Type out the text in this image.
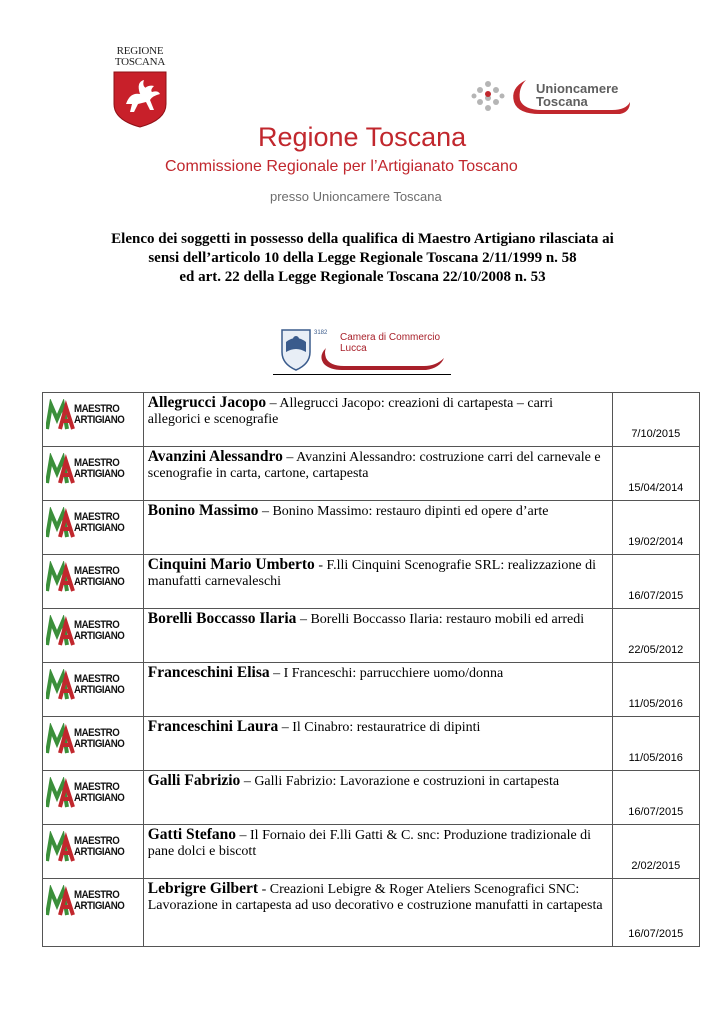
REGIONE
TOSCANA
Unioncamere
Toscana
Regione Toscana
Commissione Regionale per l’Artigianato Toscano
presso Unioncamere Toscana
Elenco dei soggetti in possesso della qualifica di Maestro Artigiano rilasciata ai
sensi dell’articolo 10 della Legge Regionale Toscana 2/11/1999 n. 58
ed art. 22 della Legge Regionale Toscana 22/10/2008 n. 53
3182 Camera di Commercio
Lucca
MAESTRO
ARTIGIANO	Allegrucci Jacopo – Allegrucci Jacopo: creazioni di cartapesta – carri allegorici e scenografie	7/10/2015

MAESTRO
ARTIGIANO	Avanzini Alessandro – Avanzini Alessandro: costruzione carri del carnevale e scenografie in carta, cartone, cartapesta	15/04/2014

MAESTRO
ARTIGIANO	Bonino Massimo – Bonino Massimo: restauro dipinti ed opere d’arte	19/02/2014

MAESTRO
ARTIGIANO	Cinquini Mario Umberto - F.lli Cinquini Scenografie SRL: realizzazione di manufatti carnevaleschi	16/07/2015

MAESTRO
ARTIGIANO	Borelli Boccasso Ilaria – Borelli Boccasso Ilaria: restauro mobili ed arredi	22/05/2012

MAESTRO
ARTIGIANO	Franceschini Elisa – I Franceschi: parrucchiere uomo/donna	11/05/2016

MAESTRO
ARTIGIANO	Franceschini Laura – Il Cinabro: restauratrice di dipinti	11/05/2016

MAESTRO
ARTIGIANO	Galli Fabrizio – Galli Fabrizio: Lavorazione e costruzioni in cartapesta	16/07/2015

MAESTRO
ARTIGIANO	Gatti Stefano – Il Fornaio dei F.lli Gatti & C. snc: Produzione tradizionale di pane dolci e biscott	2/02/2015

MAESTRO
ARTIGIANO	Lebrigre Gilbert - Creazioni Lebigre & Roger Ateliers Scenografici SNC: Lavorazione in cartapesta ad uso decorativo e costruzione manufatti in cartapesta	16/07/2015
